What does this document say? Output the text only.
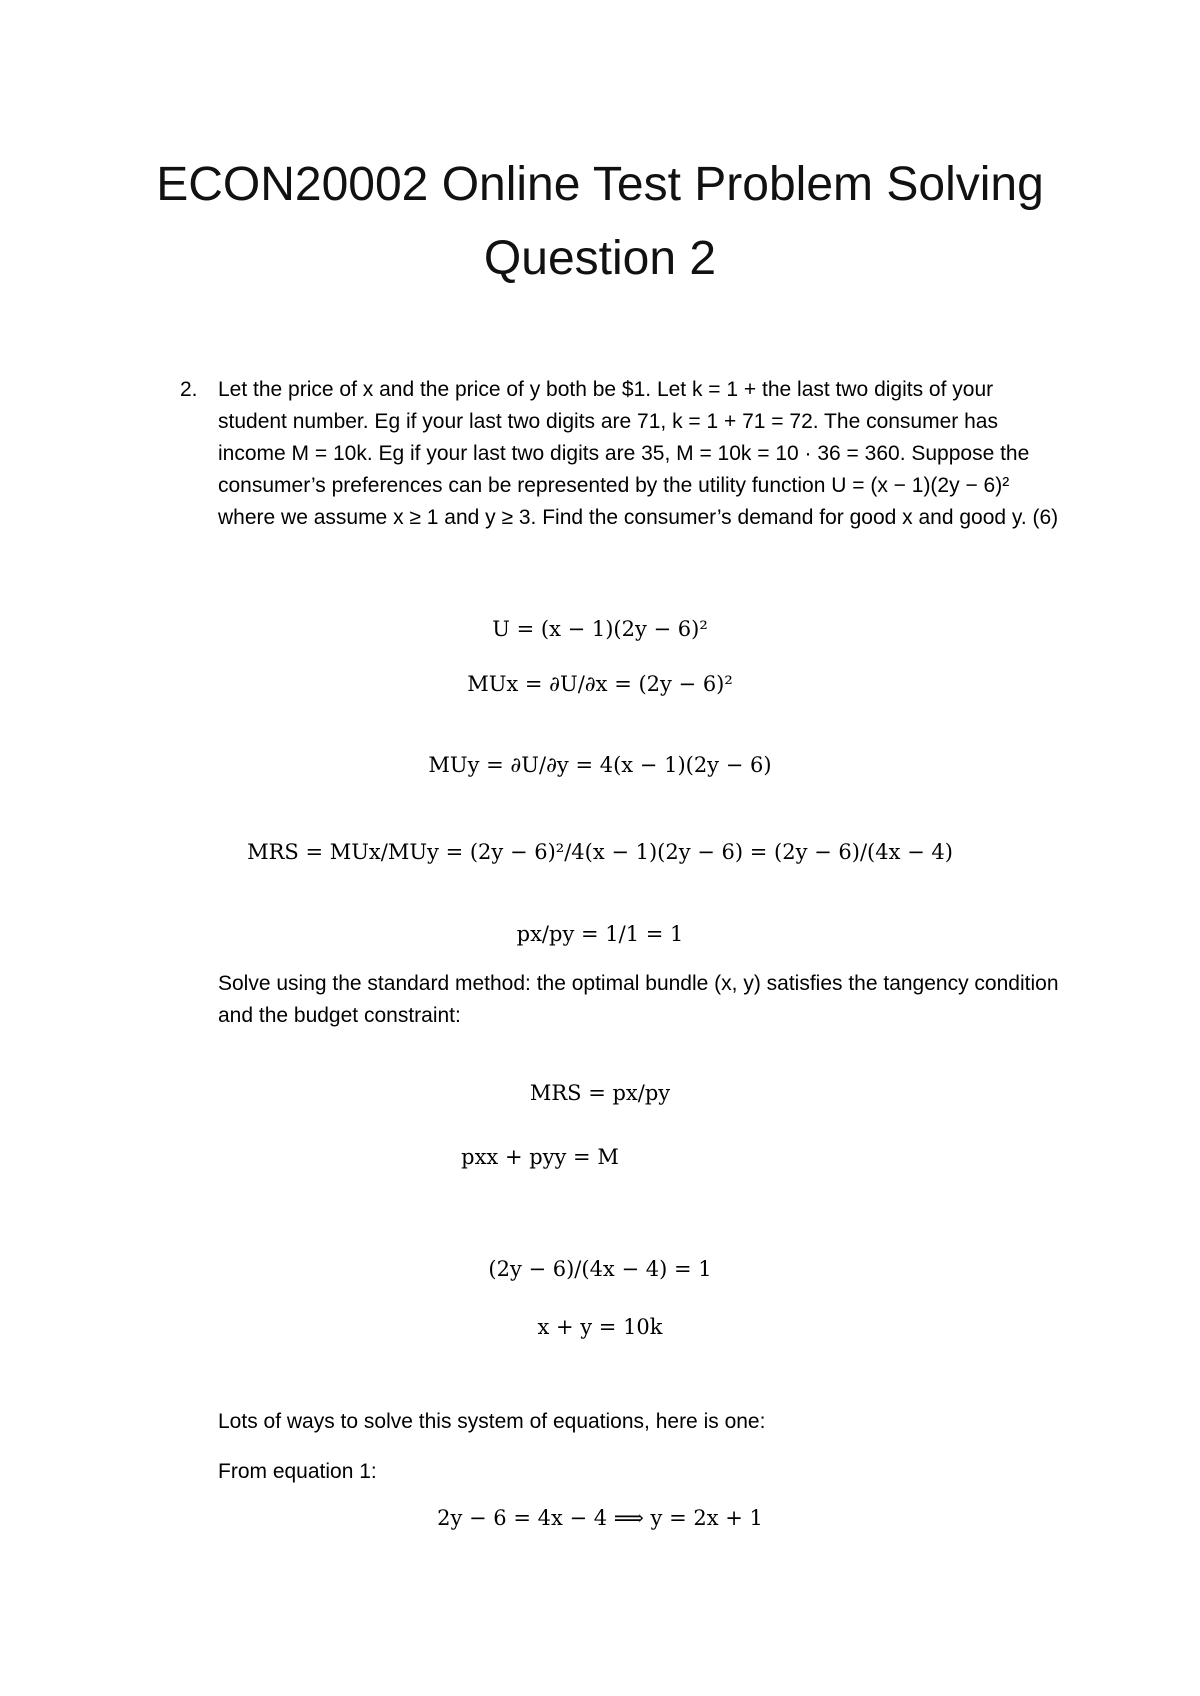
ECON20002 Online Test Problem Solving
Question 2
2. Let the price of x and the price of y both be $1. Let k = 1 + the last two digits of your student number. Eg if your last two digits are 71, k = 1 + 71 = 72. The consumer has income M = 10k. Eg if your last two digits are 35, M = 10k = 10 · 36 = 360. Suppose the consumer’s preferences can be represented by the utility function U = (x − 1)(2y − 6)² where we assume x ≥ 1 and y ≥ 3. Find the consumer’s demand for good x and good y. (6)
U = (x − 1)(2y − 6)²
MUx = ∂U/∂x = (2y − 6)²
MUy = ∂U/∂y = 4(x − 1)(2y − 6)
MRS = MUx/MUy = (2y − 6)²/4(x − 1)(2y − 6) = (2y − 6)/(4x − 4)
px/py = 1/1 = 1
Solve using the standard method: the optimal bundle (x, y) satisfies the tangency condition and the budget constraint:
MRS = px/py
pxx + pyy = M
(2y − 6)/(4x − 4) = 1
x + y = 10k
Lots of ways to solve this system of equations, here is one:
From equation 1:
2y − 6 = 4x − 4 ⟹ y = 2x + 1
